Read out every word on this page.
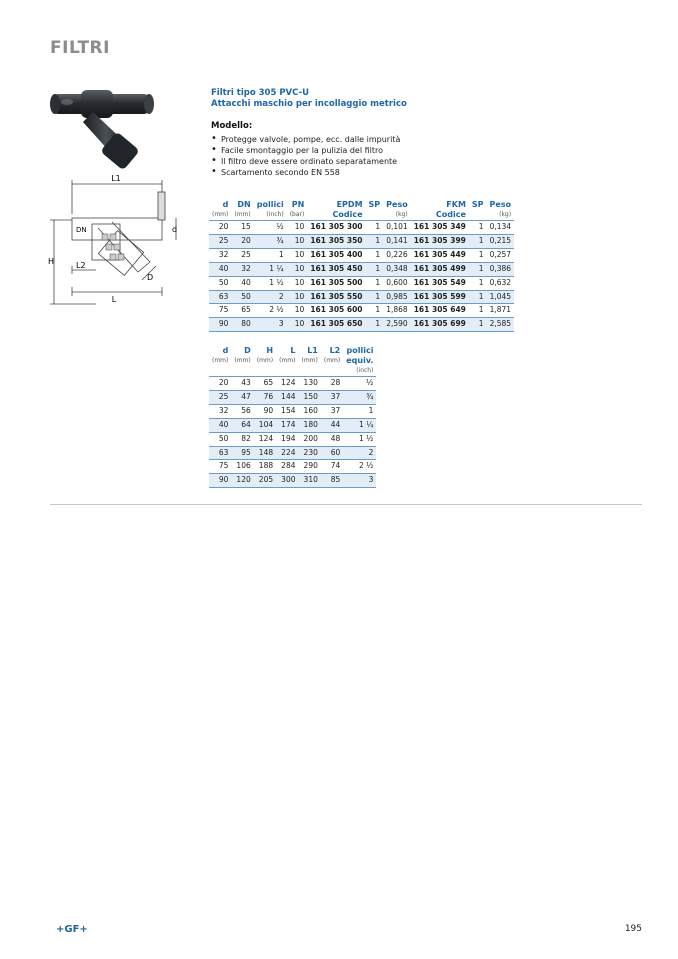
FILTRI
L1
H	L2
L
D
d
DN
Filtri tipo 305 PVC-U
Attacchi maschio per incollaggio metrico
Modello:
• Protegge valvole, pompe, ecc. dalle impurità
• Facile smontaggio per la pulizia del filtro
• Il filtro deve essere ordinato separatamente
• Scartamento secondo EN 558
d	DN	pollici	PN	EPDM	SP	Peso	FKM	SP	Peso
(mm)	(mm)	(inch)	(bar)	Codice		(kg)	Codice		(kg)
20	15	½	10	161 305 300	1	0,101	161 305 349	1	0,134
25	20	¾	10	161 305 350	1	0,141	161 305 399	1	0,215
32	25	1	10	161 305 400	1	0,226	161 305 449	1	0,257
40	32	1 ¼	10	161 305 450	1	0,348	161 305 499	1	0,386
50	40	1 ½	10	161 305 500	1	0,600	161 305 549	1	0,632
63	50	2	10	161 305 550	1	0,985	161 305 599	1	1,045
75	65	2 ½	10	161 305 600	1	1,868	161 305 649	1	1,871
90	80	3	10	161 305 650	1	2,590	161 305 699	1	2,585
d	D	H	L	L1	L2	pollici
(mm)	(mm)	(mm)	(mm)	(mm)	(mm)	equiv.
						(inch)
20	43	65	124	130	28	½
25	47	76	144	150	37	¾
32	56	90	154	160	37	1
40	64	104	174	180	44	1 ¼
50	82	124	194	200	48	1 ½
63	95	148	224	230	60	2
75	106	188	284	290	74	2 ½
90	120	205	300	310	85	3
+GF+	195
